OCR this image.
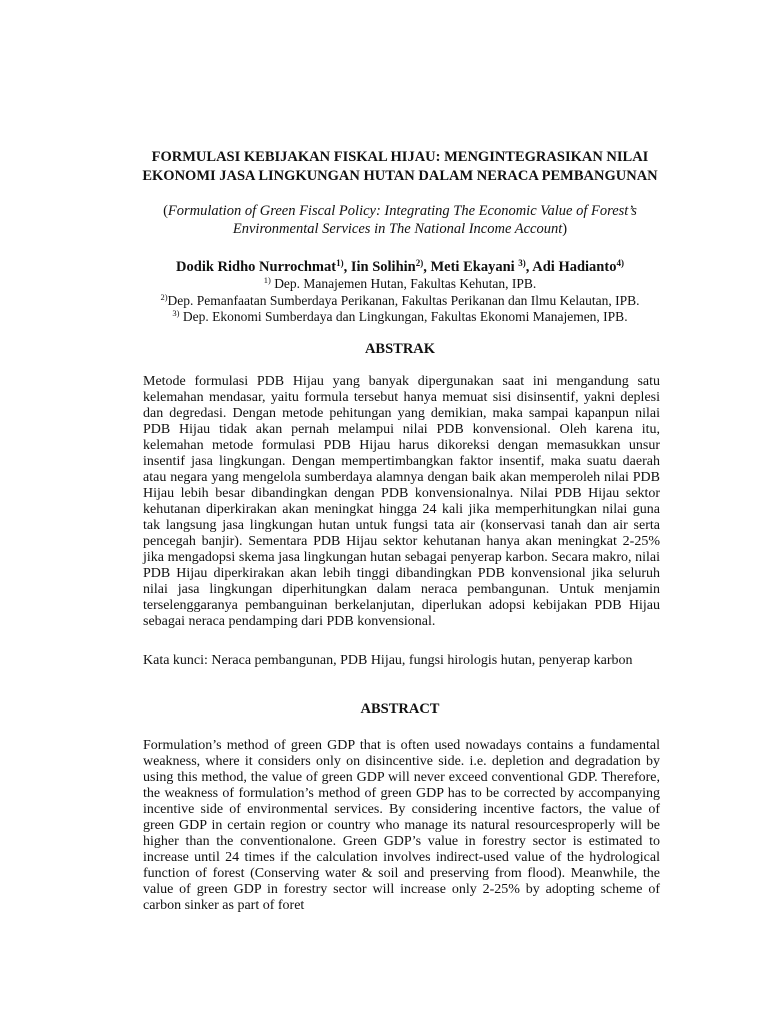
FORMULASI KEBIJAKAN FISKAL HIJAU: MENGINTEGRASIKAN NILAI EKONOMI JASA LINGKUNGAN HUTAN DALAM NERACA PEMBANGUNAN
(Formulation of Green Fiscal Policy: Integrating The Economic Value of Forest’s Environmental Services in The National Income Account)
Dodik Ridho Nurrochmat$^{1)}$, Iin Solihin$^{2)}$, Meti Ekayani $^{3)}$, Adi Hadianto$^{4)}$
$^{1)}$ Dep. Manajemen Hutan, Fakultas Kehutan, IPB.
$^{2)}$Dep. Pemanfaatan Sumberdaya Perikanan, Fakultas Perikanan dan Ilmu Kelautan, IPB.
$^{3)}$ Dep. Ekonomi Sumberdaya dan Lingkungan, Fakultas Ekonomi Manajemen, IPB.
ABSTRAK
Metode formulasi PDB Hijau yang banyak dipergunakan saat ini mengandung satu kelemahan mendasar, yaitu formula tersebut hanya memuat sisi disinsentif, yakni deplesi dan degredasi. Dengan metode pehitungan yang demikian, maka sampai kapanpun nilai PDB Hijau tidak akan pernah melampui nilai PDB konvensional. Oleh karena itu, kelemahan metode formulasi PDB Hijau harus dikoreksi dengan memasukkan unsur insentif jasa lingkungan. Dengan mempertimbangkan faktor insentif, maka suatu daerah atau negara yang mengelola sumberdaya alamnya dengan baik akan memperoleh nilai PDB Hijau lebih besar dibandingkan dengan PDB konvensionalnya. Nilai PDB Hijau sektor kehutanan diperkirakan akan meningkat hingga 24 kali jika memperhitungkan nilai guna tak langsung jasa lingkungan hutan untuk fungsi tata air (konservasi tanah dan air serta pencegah banjir). Sementara PDB Hijau sektor kehutanan hanya akan meningkat 2-25% jika mengadopsi skema jasa lingkungan hutan sebagai penyerap karbon. Secara makro, nilai PDB Hijau diperkirakan akan lebih tinggi dibandingkan PDB konvensional jika seluruh nilai jasa lingkungan diperhitungkan dalam neraca pembangunan. Untuk menjamin terselenggaranya pembanguinan berkelanjutan, diperlukan adopsi kebijakan PDB Hijau sebagai neraca pendamping dari PDB konvensional.
Kata kunci: Neraca pembangunan, PDB Hijau, fungsi hirologis hutan, penyerap karbon
ABSTRACT
Formulation’s method of green GDP that is often used nowadays contains a fundamental weakness, where it considers only on disincentive side. i.e. depletion and degradation by using this method, the value of green GDP will never exceed conventional GDP. Therefore, the weakness of formulation’s method of green GDP has to be corrected by accompanying incentive side of environmental services. By considering incentive factors, the value of green GDP in certain region or country who manage its natural resourcesproperly will be higher than the conventionalone. Green GDP’s value in forestry sector is estimated to increase until 24 times if the calculation involves indirect-used value of the hydrological function of forest (Conserving water & soil and preserving from flood). Meanwhile, the value of green GDP in forestry sector will increase only 2-25% by adopting scheme of carbon sinker as part of foret
